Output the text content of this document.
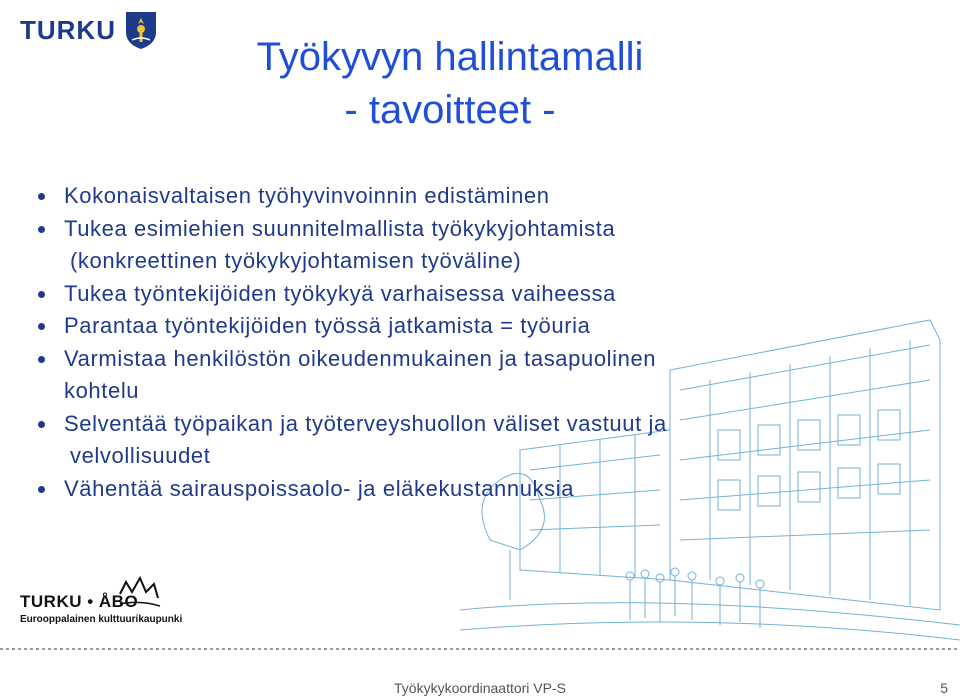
TURKU
Työkyvyn hallintamalli
- tavoitteet -
Kokonaisvaltaisen työhyvinvoinnin edistäminen
Tukea esimiehien suunnitelmallista työkykyjohtamista
(konkreettinen työkykyjohtamisen työväline)
Tukea työntekijöiden työkykyä varhaisessa vaiheessa
Parantaa työntekijöiden työssä jatkamista = työuria
Varmistaa henkilöstön oikeudenmukainen ja tasapuolinen
kohtelu
Selventää työpaikan ja työterveyshuollon väliset vastuut ja
velvollisuudet
Vähentää sairauspoissaolo- ja eläkekustannuksia
TURKU • ÅBO
Eurooppalainen kulttuurikaupunki
Työkykykoordinaattori VP-S	5
